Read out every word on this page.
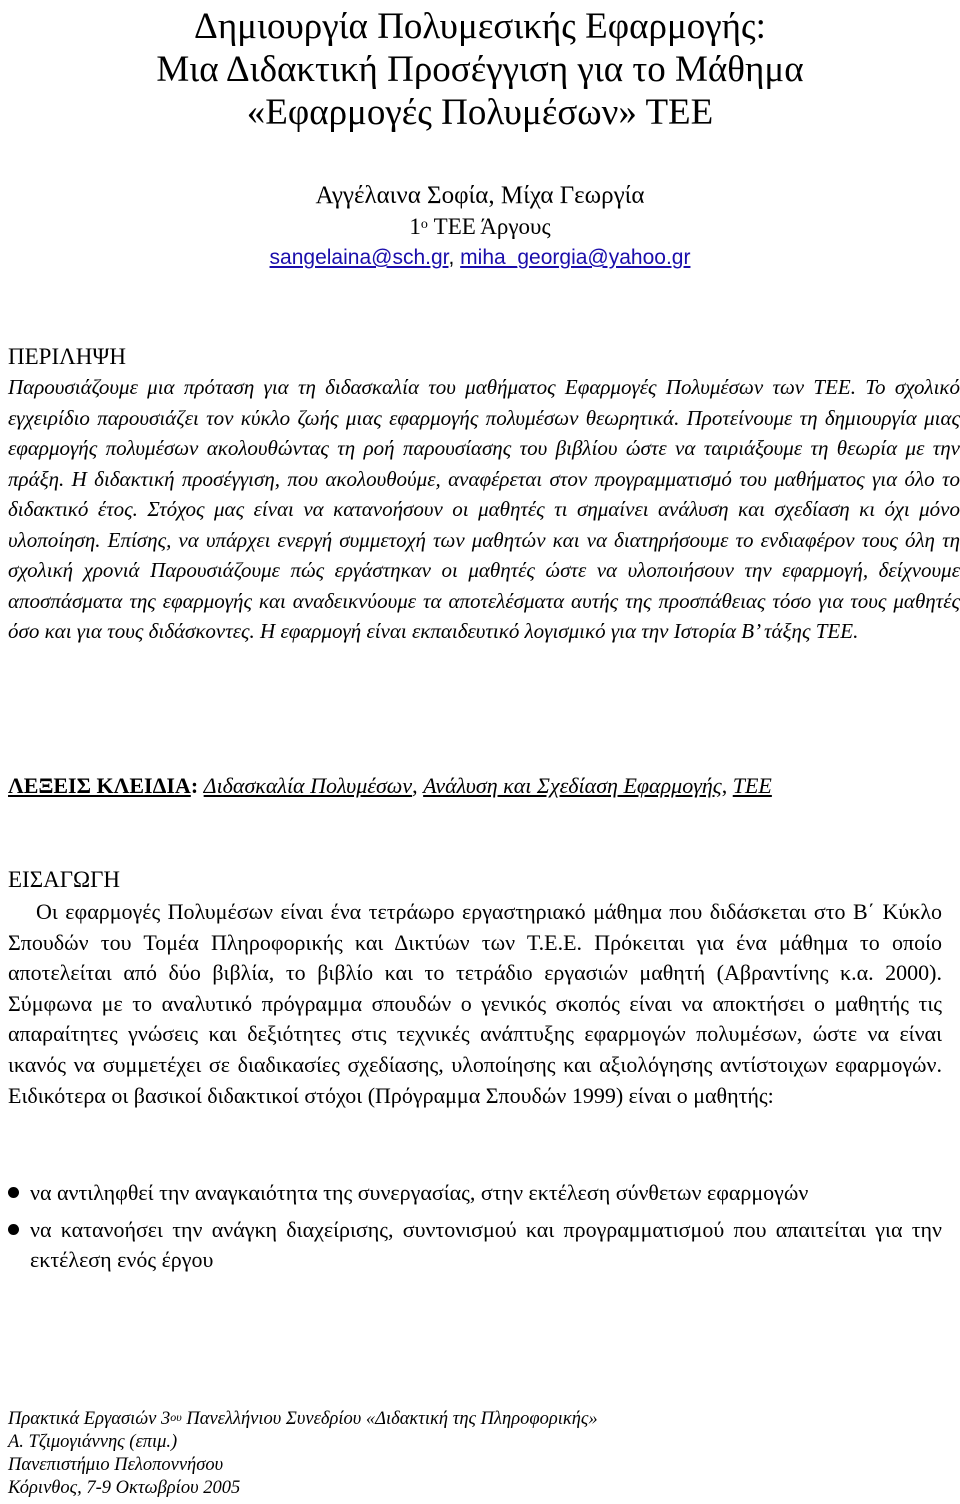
Δημιουργία Πολυμεσικής Εφαρμογής:
Μια Διδακτική Προσέγγιση για το Μάθημα
«Εφαρμογές Πολυμέσων» ΤΕΕ
Αγγέλαινα Σοφία, Μίχα Γεωργία
$1^o$ ΤΕΕ Άργους
sangelaina@sch.gr, miha_georgia@yahoo.gr
ΠΕΡΙΛΗΨΗ

Παρουσιάζουμε μια πρόταση για τη διδασκαλία του μαθήματος Εφαρμογές Πολυμέσων των ΤΕΕ. Το σχολικό εγχειρίδιο παρουσιάζει τον κύκλο ζωής μιας εφαρμογής πολυμέσων θεωρητικά. Προτείνουμε τη δημιουργία μιας εφαρμογής πολυμέσων ακολουθώντας τη ροή παρουσίασης του βιβλίου ώστε να ταιριάξουμε τη θεωρία με την πράξη. Η διδακτική προσέγγιση, που ακολουθούμε, αναφέρεται στον προγραμματισμό του μαθήματος για όλο το διδακτικό έτος. Στόχος μας είναι να κατανοήσουν οι μαθητές τι σημαίνει ανάλυση και σχεδίαση κι όχι μόνο υλοποίηση. Επίσης, να υπάρχει ενεργή συμμετοχή των μαθητών και να διατηρήσουμε το ενδιαφέρον τους όλη τη σχολική χρονιά Παρουσιάζουμε πώς εργάστηκαν οι μαθητές ώστε να υλοποιήσουν την εφαρμογή, δείχνουμε αποσπάσματα της εφαρμογής και αναδεικνύουμε τα αποτελέσματα αυτής της προσπάθειας τόσο για τους μαθητές όσο και για τους διδάσκοντες. Η εφαρμογή είναι εκπαιδευτικό λογισμικό για την Ιστορία Β’ τάξης ΤΕΕ.

ΛΕΞΕΙΣ ΚΛΕΙΔΙΑ: Διδασκαλία Πολυμέσων, Ανάλυση και Σχεδίαση Εφαρμογής, ΤΕΕ
ΕΙΣΑΓΩΓΗ

Οι εφαρμογές Πολυμέσων είναι ένα τετράωρο εργαστηριακό μάθημα που διδάσκεται στο Β΄ Κύκλο Σπουδών του Τομέα Πληροφορικής και Δικτύων των Τ.Ε.Ε. Πρόκειται για ένα μάθημα το οποίο αποτελείται από δύο βιβλία, το βιβλίο και το τετράδιο εργασιών μαθητή (Αβραντίνης κ.α. 2000). Σύμφωνα με το αναλυτικό πρόγραμμα σπουδών ο γενικός σκοπός είναι να αποκτήσει ο μαθητής τις απαραίτητες γνώσεις και δεξιότητες στις τεχνικές ανάπτυξης εφαρμογών πολυμέσων, ώστε να είναι ικανός να συμμετέχει σε διαδικασίες σχεδίασης, υλοποίησης και αξιολόγησης αντίστοιχων εφαρμογών. Ειδικότερα οι βασικοί διδακτικοί στόχοι (Πρόγραμμα Σπουδών 1999) είναι ο μαθητής:

να αντιληφθεί την αναγκαιότητα της συνεργασίας, στην εκτέλεση σύνθετων εφαρμογών
να κατανοήσει την ανάγκη διαχείρισης, συντονισμού και προγραμματισμού που απαιτείται για την εκτέλεση ενός έργου
Πρακτικά Εργασιών $3^{o\upsilon}$ Πανελλήνιου Συνεδρίου «Διδακτική της Πληροφορικής»
Α. Τζιμογιάννης (επιμ.)
Πανεπιστήμιο Πελοποννήσου
Κόρινθος, 7-9 Οκτωβρίου 2005
